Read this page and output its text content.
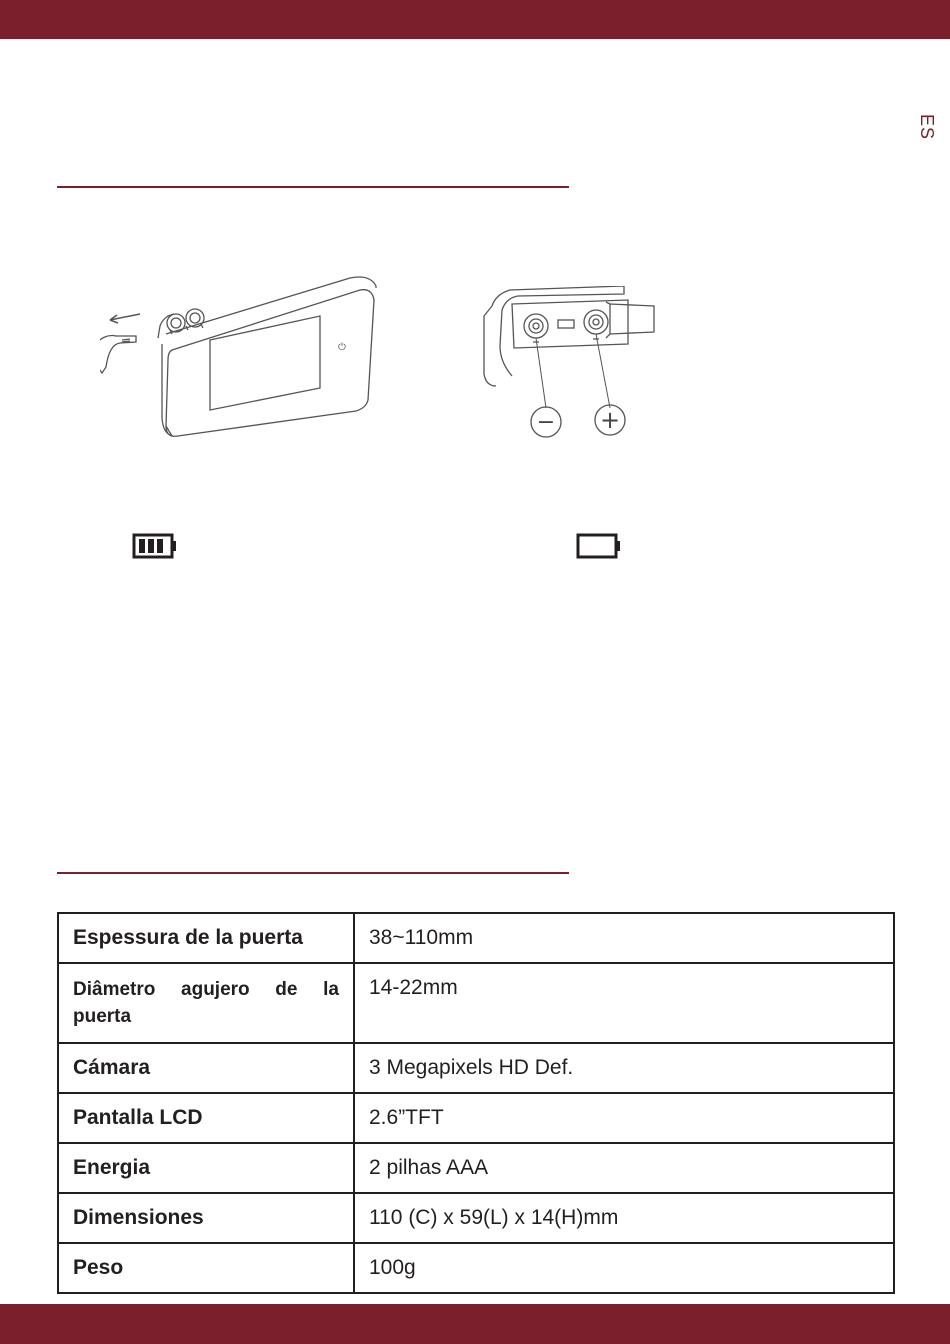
ES
⏻
− +
Espessura de la puerta	38~110mm
Diâmetro agujero de la puerta	14-22mm
Cámara	3 Megapixels HD Def.
Pantalla LCD	2.6”TFT
Energia	2 pilhas AAA
Dimensiones	110 (C) x 59(L) x 14(H)mm
Peso	100g
